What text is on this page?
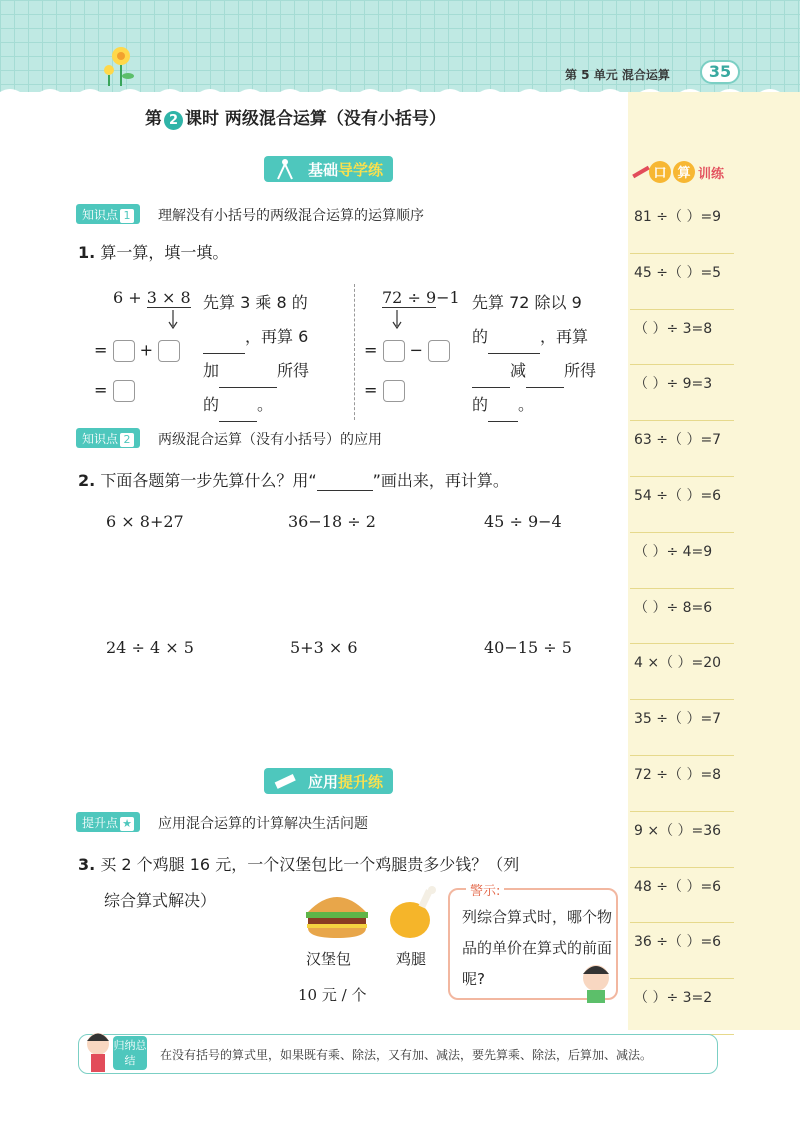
第 5 单元 混合运算	35
口 算 训练
81 ÷（ ）=9
45 ÷（ ）=5
（ ）÷ 3=8
（ ）÷ 9=3
63 ÷（ ）=7
54 ÷（ ）=6
（ ）÷ 4=9
（ ）÷ 8=6
4 ×（ ）=20
35 ÷（ ）=7
72 ÷（ ）=8
9 ×（ ）=36
48 ÷（ ）=6
36 ÷（ ）=6
（ ）÷ 3=2
第 2 课时 两级混合运算（没有小括号）
基础导学练
知识点 1	理解没有小括号的两级混合运算的运算顺序
1. 算一算，填一填。
6 + 3 × 8
= +
=
先算 3 乘 8 的
，再算 6
加	所得
的 。
72 ÷ 9−1
= −
=
先算 72 除以 9
的	，再算
减 所得
的 。
知识点 2	两级混合运算（没有小括号）的应用
2. 下面各题第一步先算什么？用“	”画出来，再计算。
6 × 8+27	36−18 ÷ 2	45 ÷ 9−4
24 ÷ 4 × 5	5+3 × 6	40−15 ÷ 5
应用提升练
提升点 ★	应用混合运算的计算解决生活问题
3. 买 2 个鸡腿 16 元，一个汉堡包比一个鸡腿贵多少钱？（列
综合算式解决）
汉堡包
10 元 / 个
鸡腿
警示:
列综合算式时，哪个物品的单价在算式的前面呢?
归纳总结	在没有括号的算式里，如果既有乘、除法，又有加、减法，要先算乘、除法，后算加、减法。
